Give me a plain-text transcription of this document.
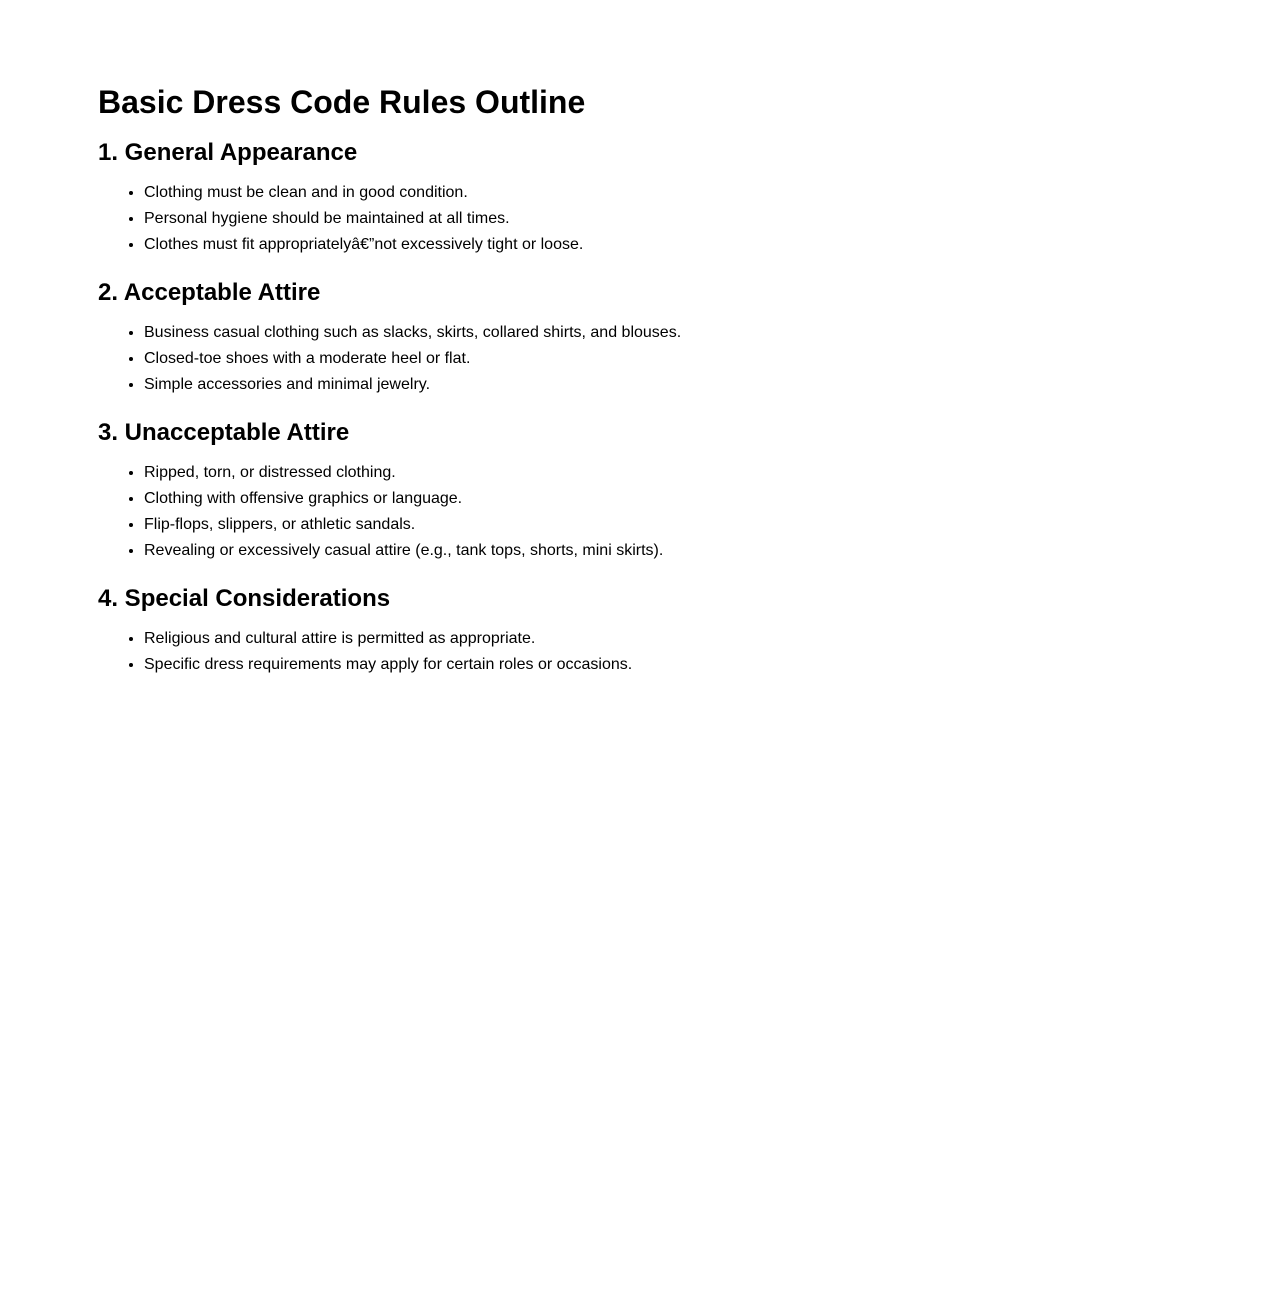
Basic Dress Code Rules Outline
1. General Appearance
• Clothing must be clean and in good condition.
• Personal hygiene should be maintained at all times.
• Clothes must fit appropriatelyâ€”not excessively tight or loose.
2. Acceptable Attire
• Business casual clothing such as slacks, skirts, collared shirts, and blouses.
• Closed-toe shoes with a moderate heel or flat.
• Simple accessories and minimal jewelry.
3. Unacceptable Attire
• Ripped, torn, or distressed clothing.
• Clothing with offensive graphics or language.
• Flip-flops, slippers, or athletic sandals.
• Revealing or excessively casual attire (e.g., tank tops, shorts, mini skirts).
4. Special Considerations
• Religious and cultural attire is permitted as appropriate.
• Specific dress requirements may apply for certain roles or occasions.
